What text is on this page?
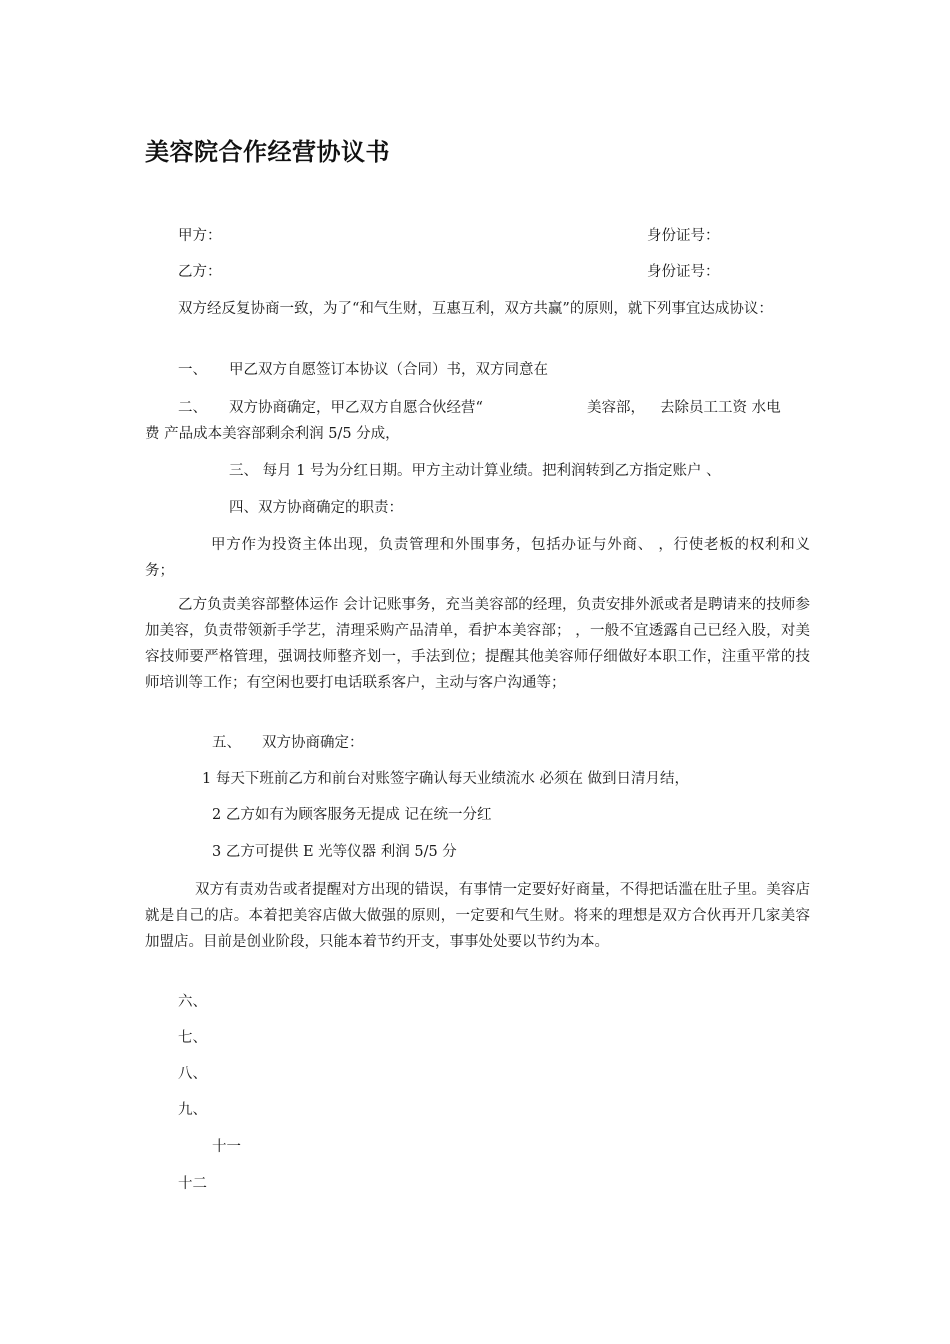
美容院合作经营协议书
甲方：	身份证号：
乙方：	身份证号：
双方经反复协商一致，为了“和气生财，互惠互利，双方共赢”的原则，就下列事宜达成协议：
一、 甲乙双方自愿签订本协议（合同）书，双方同意在
二、 双方协商确定，甲乙双方自愿合伙经营“	美容部， 去除员工工资 水电
费 产品成本美容部剩余利润 5/5 分成，
三、 每月 1 号为分红日期。甲方主动计算业绩。把利润转到乙方指定账户 、
四、双方协商确定的职责：
甲方作为投资主体出现，负责管理和外围事务，包括办证与外商、 ，行使老板的权利和义务；
乙方负责美容部整体运作 会计记账事务，充当美容部的经理，负责安排外派或者是聘请来的技师参加美容，负责带领新手学艺，清理采购产品清单，看护本美容部； ，一般不宜透露自己已经入股，对美容技师要严格管理，强调技师整齐划一，手法到位；提醒其他美容师仔细做好本职工作，注重平常的技师培训等工作；有空闲也要打电话联系客户，主动与客户沟通等；
五、 双方协商确定：
1 每天下班前乙方和前台对账签字确认每天业绩流水 必须在 做到日清月结，
2 乙方如有为顾客服务无提成 记在统一分红
3 乙方可提供 E 光等仪器 利润 5/5 分
双方有责劝告或者提醒对方出现的错误，有事情一定要好好商量，不得把话滥在肚子里。美容店就是自己的店。本着把美容店做大做强的原则，一定要和气生财。将来的理想是双方合伙再开几家美容加盟店。目前是创业阶段，只能本着节约开支，事事处处要以节约为本。
六、
七、
八、
九、
十一
十二
